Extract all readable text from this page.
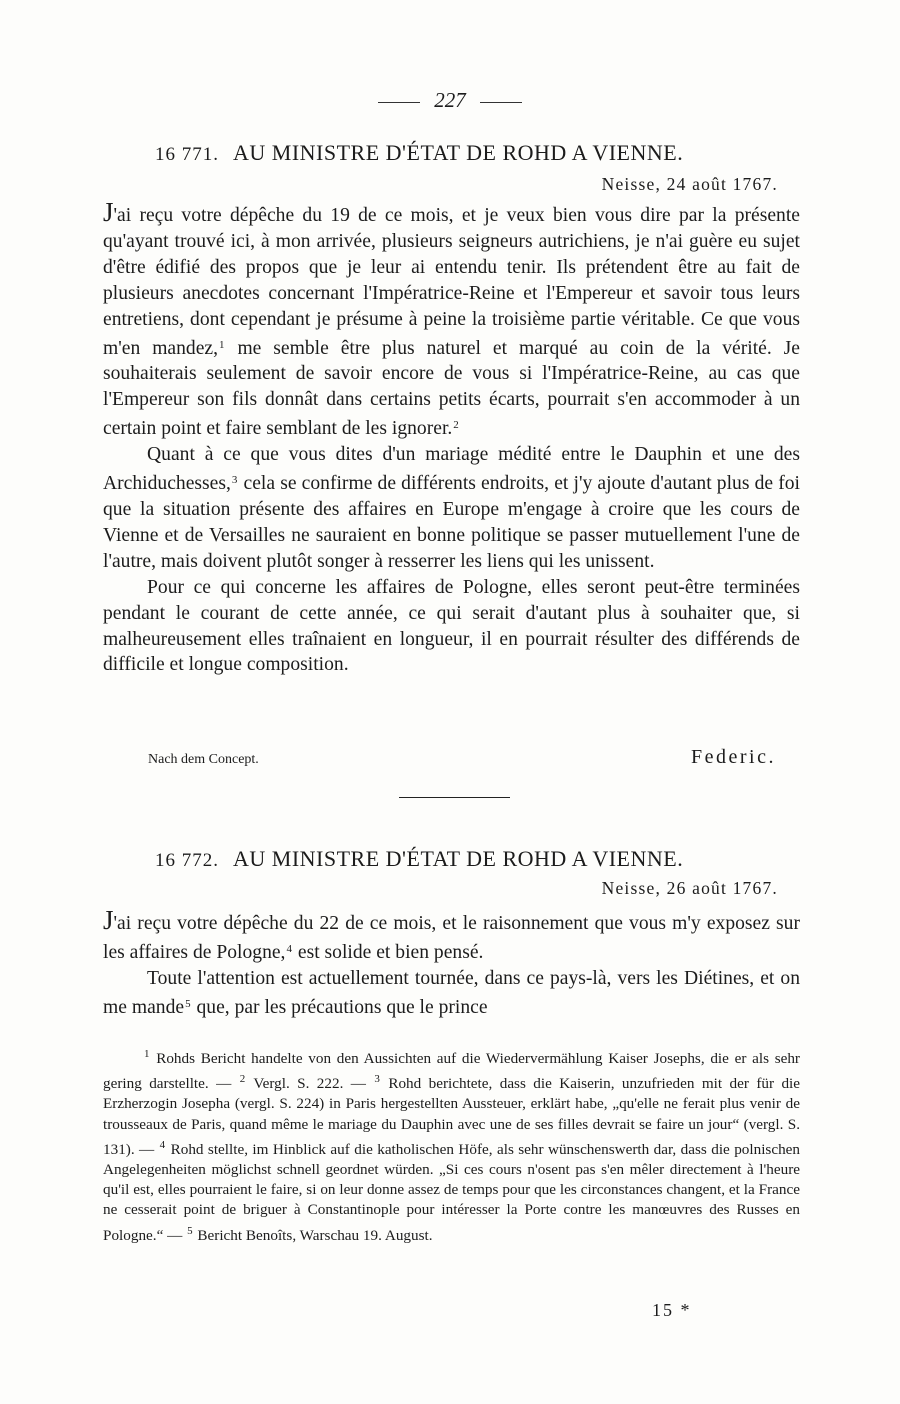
227
16 771. AU MINISTRE D'ÉTAT DE ROHD A VIENNE.
Neisse, 24 août 1767.

J'ai reçu votre dépêche du 19 de ce mois, et je veux bien vous dire par la présente qu'ayant trouvé ici, à mon arrivée, plusieurs seigneurs autrichiens, je n'ai guère eu sujet d'être édifié des propos que je leur ai entendu tenir. Ils prétendent être au fait de plusieurs anecdotes concernant l'Impératrice-Reine et l'Empereur et savoir tous leurs entretiens, dont cependant je présume à peine la troisième partie véritable. Ce que vous m'en mandez,$^1$ me semble être plus naturel et marqué au coin de la vérité. Je souhaiterais seulement de savoir encore de vous si l'Impératrice-Reine, au cas que l'Empereur son fils donnât dans certains petits écarts, pourrait s'en accommoder à un certain point et faire semblant de les ignorer.$^2$

Quant à ce que vous dites d'un mariage médité entre le Dauphin et une des Archiduchesses,$^3$ cela se confirme de différents endroits, et j'y ajoute d'autant plus de foi que la situation présente des affaires en Europe m'engage à croire que les cours de Vienne et de Versailles ne sauraient en bonne politique se passer mutuellement l'une de l'autre, mais doivent plutôt songer à resserrer les liens qui les unissent.

Pour ce qui concerne les affaires de Pologne, elles seront peut-être terminées pendant le courant de cette année, ce qui serait d'autant plus à souhaiter que, si malheureusement elles traînaient en longueur, il en pourrait résulter des différends de difficile et longue composition.

Nach dem Concept.	Federic.
16 772. AU MINISTRE D'ÉTAT DE ROHD A VIENNE.
Neisse, 26 août 1767.

J'ai reçu votre dépêche du 22 de ce mois, et le raisonnement que vous m'y exposez sur les affaires de Pologne,$^4$ est solide et bien pensé.

Toute l'attention est actuellement tournée, dans ce pays-là, vers les Diétines, et on me mande$^5$ que, par les précautions que le prince

$^1$ Rohds Bericht handelte von den Aussichten auf die Wiedervermählung Kaiser Josephs, die er als sehr gering darstellte. — $^2$ Vergl. S. 222. — $^3$ Rohd berichtete, dass die Kaiserin, unzufrieden mit der für die Erzherzogin Josepha (vergl. S. 224) in Paris hergestellten Aussteuer, erklärt habe, „qu'elle ne ferait plus venir de trousseaux de Paris, quand même le mariage du Dauphin avec une de ses filles devrait se faire un jour“ (vergl. S. 131). — $^4$ Rohd stellte, im Hinblick auf die katholischen Höfe, als sehr wünschenswerth dar, dass die polnischen Angelegenheiten möglichst schnell geordnet würden. „Si ces cours n'osent pas s'en mêler directement à l'heure qu'il est, elles pourraient le faire, si on leur donne assez de temps pour que les circonstances changent, et la France ne cesserait point de briguer à Constantinople pour intéresser la Porte contre les manœuvres des Russes en Pologne.“ — $^5$ Bericht Benoîts, Warschau 19. August.

15 *
